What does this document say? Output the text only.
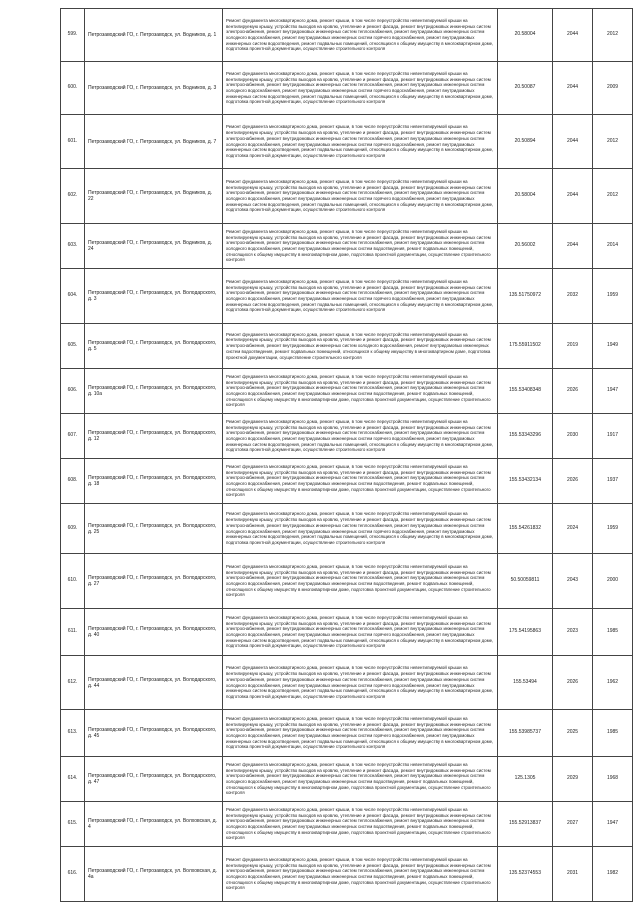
599.	Петрозаводский ГО, г. Петрозаводск, ул. Водников, д. 1	Ремонт фундамента многоквартирного дома, ремонт крыши, в том числе переустройство невентилируемой крыши на вентилируемую крышу, устройство выходов на кровлю, утепление и ремонт фасада, ремонт внутридомовых инженерных систем электроснабжения, ремонт внутридомовых инженерных систем теплоснабжения, ремонт внутридомовых инженерных систем холодного водоснабжения, ремонт внутридомовых инженерных систем горячего водоснабжения, ремонт внутридомовых инженерных систем водоотведения, ремонт подвальных помещений, относящихся к общему имуществу в многоквартирном доме, подготовка проектной документации, осуществление строительного контроля	20.58004	2044	2012
600.	Петрозаводский ГО, г. Петрозаводск, ул. Водников, д. 3	Ремонт фундамента многоквартирного дома, ремонт крыши, в том числе переустройство невентилируемой крыши на вентилируемую крышу, устройство выходов на кровлю, утепление и ремонт фасада, ремонт внутридомовых инженерных систем электроснабжения, ремонт внутридомовых инженерных систем теплоснабжения, ремонт внутридомовых инженерных систем холодного водоснабжения, ремонт внутридомовых инженерных систем горячего водоснабжения, ремонт внутридомовых инженерных систем водоотведения, ремонт подвальных помещений, относящихся к общему имуществу в многоквартирном доме, подготовка проектной документации, осуществление строительного контроля	20.50087	2044	2009
601.	Петрозаводский ГО, г. Петрозаводск, ул. Водников, д. 7	Ремонт фундамента многоквартирного дома, ремонт крыши, в том числе переустройство невентилируемой крыши на вентилируемую крышу, устройство выходов на кровлю, утепление и ремонт фасада, ремонт внутридомовых инженерных систем электроснабжения, ремонт внутридомовых инженерных систем теплоснабжения, ремонт внутридомовых инженерных систем холодного водоснабжения, ремонт внутридомовых инженерных систем горячего водоснабжения, ремонт внутридомовых инженерных систем водоотведения, ремонт подвальных помещений, относящихся к общему имуществу в многоквартирном доме, подготовка проектной документации, осуществление строительного контроля	20.50894	2044	2012
602.	Петрозаводский ГО, г. Петрозаводск, ул. Водников, д. 22	Ремонт фундамента многоквартирного дома, ремонт крыши, в том числе переустройство невентилируемой крыши на вентилируемую крышу, устройство выходов на кровлю, утепление и ремонт фасада, ремонт внутридомовых инженерных систем электроснабжения, ремонт внутридомовых инженерных систем теплоснабжения, ремонт внутридомовых инженерных систем холодного водоснабжения, ремонт внутридомовых инженерных систем горячего водоснабжения, ремонт внутридомовых инженерных систем водоотведения, ремонт подвальных помещений, относящихся к общему имуществу в многоквартирном доме, подготовка проектной документации, осуществление строительного контроля	20.58004	2044	2012
603.	Петрозаводский ГО, г. Петрозаводск, ул. Водников, д. 24	Ремонт фундамента многоквартирного дома, ремонт крыши, в том числе переустройство невентилируемой крыши на вентилируемую крышу, устройство выходов на кровлю, утепление и ремонт фасада, ремонт внутридомовых инженерных систем электроснабжения, ремонт внутридомовых инженерных систем теплоснабжения, ремонт внутридомовых инженерных систем холодного водоснабжения, ремонт внутридомовых инженерных систем водоотведения, ремонт подвальных помещений, относящихся к общему имуществу в многоквартирном доме, подготовка проектной документации, осуществление строительного контроля	20.56002	2044	2014
604.	Петрозаводский ГО, г. Петрозаводск, ул. Володарского, д. 3	Ремонт фундамента многоквартирного дома, ремонт крыши, в том числе переустройство невентилируемой крыши на вентилируемую крышу, устройство выходов на кровлю, утепление и ремонт фасада, ремонт внутридомовых инженерных систем электроснабжения, ремонт внутридомовых инженерных систем теплоснабжения, ремонт внутридомовых инженерных систем холодного водоснабжения, ремонт внутридомовых инженерных систем горячего водоснабжения, ремонт внутридомовых инженерных систем водоотведения, ремонт подвальных помещений, относящихся к общему имуществу в многоквартирном доме, подготовка проектной документации, осуществление строительного контроля	135.51750972	2032	1959
605.	Петрозаводский ГО, г. Петрозаводск, ул. Володарского, д. 5	Ремонт фундамента многоквартирного дома, ремонт крыши, в том числе переустройство невентилируемой крыши на вентилируемую крышу, устройство выходов на кровлю, утепление и ремонт фасада, ремонт внутридомовых инженерных систем электроснабжения, ремонт внутридомовых инженерных систем холодного водоснабжения, ремонт внутридомовых инженерных систем водоотведения, ремонт подвальных помещений, относящихся к общему имуществу в многоквартирном доме, подготовка проектной документации, осуществление строительного контроля	175.55911502	2019	1949
606.	Петрозаводский ГО, г. Петрозаводск, ул. Володарского, д. 10а	Ремонт фундамента многоквартирного дома, ремонт крыши, в том числе переустройство невентилируемой крыши на вентилируемую крышу, устройство выходов на кровлю, утепление и ремонт фасада, ремонт внутридомовых инженерных систем электроснабжения, ремонт внутридомовых инженерных систем теплоснабжения, ремонт внутридомовых инженерных систем холодного водоснабжения, ремонт внутридомовых инженерных систем водоотведения, ремонт подвальных помещений, относящихся к общему имуществу в многоквартирном доме, подготовка проектной документации, осуществление строительного контроля	155.53408348	2026	1947
607.	Петрозаводский ГО, г. Петрозаводск, ул. Володарского, д. 12	Ремонт фундамента многоквартирного дома, ремонт крыши, в том числе переустройство невентилируемой крыши на вентилируемую крышу, устройство выходов на кровлю, утепление и ремонт фасада, ремонт внутридомовых инженерных систем электроснабжения, ремонт внутридомовых инженерных систем теплоснабжения, ремонт внутридомовых инженерных систем холодного водоснабжения, ремонт внутридомовых инженерных систем горячего водоснабжения, ремонт внутридомовых инженерных систем водоотведения, ремонт подвальных помещений, относящихся к общему имуществу в многоквартирном доме, подготовка проектной документации, осуществление строительного контроля	155.53343296	2030	1917
608.	Петрозаводский ГО, г. Петрозаводск, ул. Володарского, д. 18	Ремонт фундамента многоквартирного дома, ремонт крыши, в том числе переустройство невентилируемой крыши на вентилируемую крышу, устройство выходов на кровлю, утепление и ремонт фасада, ремонт внутридомовых инженерных систем электроснабжения, ремонт внутридомовых инженерных систем теплоснабжения, ремонт внутридомовых инженерных систем холодного водоснабжения, ремонт внутридомовых инженерных систем водоотведения, ремонт подвальных помещений, относящихся к общему имуществу в многоквартирном доме, подготовка проектной документации, осуществление строительного контроля	155.53432134	2026	1937
609.	Петрозаводский ГО, г. Петрозаводск, ул. Володарского, д. 25	Ремонт фундамента многоквартирного дома, ремонт крыши, в том числе переустройство невентилируемой крыши на вентилируемую крышу, устройство выходов на кровлю, утепление и ремонт фасада, ремонт внутридомовых инженерных систем электроснабжения, ремонт внутридомовых инженерных систем теплоснабжения, ремонт внутридомовых инженерных систем холодного водоснабжения, ремонт внутридомовых инженерных систем горячего водоснабжения, ремонт внутридомовых инженерных систем водоотведения, ремонт подвальных помещений, относящихся к общему имуществу в многоквартирном доме, подготовка проектной документации, осуществление строительного контроля	155.54261832	2024	1959
610.	Петрозаводский ГО, г. Петрозаводск, ул. Володарского, д. 27	Ремонт фундамента многоквартирного дома, ремонт крыши, в том числе переустройство невентилируемой крыши на вентилируемую крышу, устройство выходов на кровлю, утепление и ремонт фасада, ремонт внутридомовых инженерных систем электроснабжения, ремонт внутридомовых инженерных систем теплоснабжения, ремонт внутридомовых инженерных систем холодного водоснабжения, ремонт внутридомовых инженерных систем водоотведения, ремонт подвальных помещений, относящихся к общему имуществу в многоквартирном доме, подготовка проектной документации, осуществление строительного контроля	50.50059811	2043	2000
611.	Петрозаводский ГО, г. Петрозаводск, ул. Володарского, д. 40	Ремонт фундамента многоквартирного дома, ремонт крыши, в том числе переустройство невентилируемой крыши на вентилируемую крышу, устройство выходов на кровлю, утепление и ремонт фасада, ремонт внутридомовых инженерных систем электроснабжения, ремонт внутридомовых инженерных систем теплоснабжения, ремонт внутридомовых инженерных систем холодного водоснабжения, ремонт внутридомовых инженерных систем горячего водоснабжения, ремонт внутридомовых инженерных систем водоотведения, ремонт подвальных помещений, относящихся к общему имуществу в многоквартирном доме, подготовка проектной документации, осуществление строительного контроля	175.54195863	2023	1985
612.	Петрозаводский ГО, г. Петрозаводск, ул. Володарского, д. 44	Ремонт фундамента многоквартирного дома, ремонт крыши, в том числе переустройство невентилируемой крыши на вентилируемую крышу, устройство выходов на кровлю, утепление и ремонт фасада, ремонт внутридомовых инженерных систем электроснабжения, ремонт внутридомовых инженерных систем теплоснабжения, ремонт внутридомовых инженерных систем холодного водоснабжения, ремонт внутридомовых инженерных систем горячего водоснабжения, ремонт внутридомовых инженерных систем водоотведения, ремонт подвальных помещений, относящихся к общему имуществу в многоквартирном доме, подготовка проектной документации, осуществление строительного контроля	155.53494	2026	1962
613.	Петрозаводский ГО, г. Петрозаводск, ул. Володарского, д. 45	Ремонт фундамента многоквартирного дома, ремонт крыши, в том числе переустройство невентилируемой крыши на вентилируемую крышу, устройство выходов на кровлю, утепление и ремонт фасада, ремонт внутридомовых инженерных систем электроснабжения, ремонт внутридомовых инженерных систем теплоснабжения, ремонт внутридомовых инженерных систем холодного водоснабжения, ремонт внутридомовых инженерных систем горячего водоснабжения, ремонт внутридомовых инженерных систем водоотведения, ремонт подвальных помещений, относящихся к общему имуществу в многоквартирном доме, подготовка проектной документации, осуществление строительного контроля	155.53985737	2025	1985
614.	Петрозаводский ГО, г. Петрозаводск, ул. Володарского, д. 47	Ремонт фундамента многоквартирного дома, ремонт крыши, в том числе переустройство невентилируемой крыши на вентилируемую крышу, устройство выходов на кровлю, утепление и ремонт фасада, ремонт внутридомовых инженерных систем электроснабжения, ремонт внутридомовых инженерных систем теплоснабжения, ремонт внутридомовых инженерных систем холодного водоснабжения, ремонт внутридомовых инженерных систем водоотведения, ремонт подвальных помещений, относящихся к общему имуществу в многоквартирном доме, подготовка проектной документации, осуществление строительного контроля	125.1305	2029	1968
615.	Петрозаводский ГО, г. Петрозаводск, ул. Волховская, д. 4	Ремонт фундамента многоквартирного дома, ремонт крыши, в том числе переустройство невентилируемой крыши на вентилируемую крышу, устройство выходов на кровлю, утепление и ремонт фасада, ремонт внутридомовых инженерных систем электроснабжения, ремонт внутридомовых инженерных систем теплоснабжения, ремонт внутридомовых инженерных систем холодного водоснабжения, ремонт внутридомовых инженерных систем водоотведения, ремонт подвальных помещений, относящихся к общему имуществу в многоквартирном доме, подготовка проектной документации, осуществление строительного контроля	155.52913837	2027	1947
616.	Петрозаводский ГО, г. Петрозаводск, ул. Волховская, д. 4а	Ремонт фундамента многоквартирного дома, ремонт крыши, в том числе переустройство невентилируемой крыши на вентилируемую крышу, устройство выходов на кровлю, утепление и ремонт фасада, ремонт внутридомовых инженерных систем электроснабжения, ремонт внутридомовых инженерных систем теплоснабжения, ремонт внутридомовых инженерных систем холодного водоснабжения, ремонт внутридомовых инженерных систем водоотведения, ремонт подвальных помещений, относящихся к общему имуществу в многоквартирном доме, подготовка проектной документации, осуществление строительного контроля	135.52374553	2031	1982
